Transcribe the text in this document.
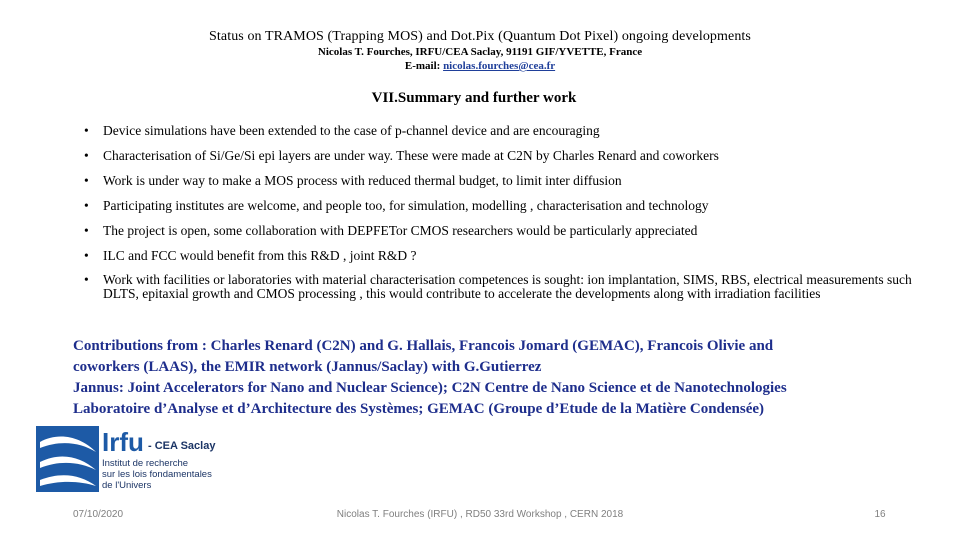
Status on TRAMOS (Trapping MOS) and Dot.Pix (Quantum Dot Pixel) ongoing developments
Nicolas T. Fourches, IRFU/CEA Saclay, 91191 GIF/YVETTE, France
E-mail: nicolas.fourches@cea.fr
VII.Summary and further work
• Device simulations have been extended to the case of p-channel device and are encouraging
• Characterisation of Si/Ge/Si epi layers are under way. These were made at C2N by Charles Renard and coworkers
• Work is under way to make a MOS process with reduced thermal budget, to limit inter diffusion
• Participating institutes are welcome, and people too, for simulation, modelling , characterisation and technology
• The project is open, some collaboration with DEPFETor CMOS researchers would be particularly appreciated
• ILC and FCC would benefit from this R&D , joint R&D ?
• Work with facilities or laboratories with material characterisation competences is sought: ion implantation, SIMS, RBS, electrical measurements such DLTS, epitaxial growth and CMOS processing , this would contribute to accelerate the developments along with irradiation facilities
Contributions from : Charles Renard (C2N) and G. Hallais, Francois Jomard (GEMAC), Francois Olivie and
coworkers (LAAS), the EMIR network (Jannus/Saclay) with G.Gutierrez
Jannus: Joint Accelerators for Nano and Nuclear Science); C2N Centre de Nano Science et de Nanotechnologies
Laboratoire d’Analyse et d’Architecture des Systèmes; GEMAC (Groupe d’Etude de la Matière Condensée)
Irfu - CEA Saclay
Institut de recherche
sur les lois fondamentales
de l'Univers
07/10/2020	Nicolas T. Fourches (IRFU) , RD50 33rd Workshop , CERN 2018	16
